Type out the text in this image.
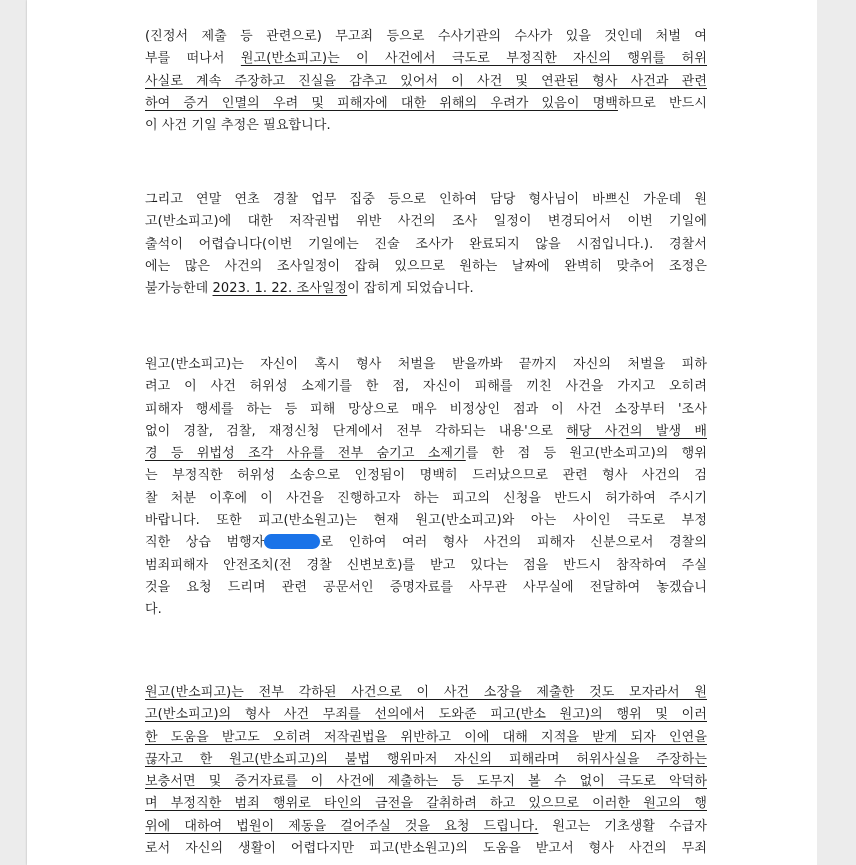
(진정서 제출 등 관련으로) 무고죄 등으로 수사기관의 수사가 있을 것인데 처벌 여
부를 떠나서 원고(반소피고)는 이 사건에서 극도로 부정직한 자신의 행위를 허위
사실로 계속 주장하고 진실을 감추고 있어서 이 사건 및 연관된 형사 사건과 관련
하여 증거 인멸의 우려 및 피해자에 대한 위해의 우려가 있음이 명백하므로 반드시
이 사건 기일 추정은 필요합니다.
그리고 연말 연초 경찰 업무 집중 등으로 인하여 담당 형사님이 바쁘신 가운데 원
고(반소피고)에 대한 저작권법 위반 사건의 조사 일정이 변경되어서 이번 기일에
출석이 어렵습니다(이번 기일에는 진술 조사가 완료되지 않을 시점입니다.). 경찰서
에는 많은 사건의 조사일정이 잡혀 있으므로 원하는 날짜에 완벽히 맞추어 조정은
불가능한데 2023. 1. 22. 조사일정이 잡히게 되었습니다.
원고(반소피고)는 자신이 혹시 형사 처벌을 받을까봐 끝까지 자신의 처벌을 피하
려고 이 사건 허위성 소제기를 한 점, 자신이 피해를 끼친 사건을 가지고 오히려
피해자 행세를 하는 등 피해 망상으로 매우 비정상인 점과 이 사건 소장부터 '조사
없이 경찰, 검찰, 재정신청 단계에서 전부 각하되는 내용'으로 해당 사건의 발생 배
경 등 위법성 조각 사유를 전부 숨기고 소제기를 한 점 등 원고(반소피고)의 행위
는 부정직한 허위성 소송으로 인정됨이 명백히 드러났으므로 관련 형사 사건의 검
찰 처분 이후에 이 사건을 진행하고자 하는 피고의 신청을 반드시 허가하여 주시기
바랍니다. 또한 피고(반소원고)는 현재 원고(반소피고)와 아는 사이인 극도로 부정
직한 상습 범행자	로 인하여 여러 형사 사건의 피해자 신분으로서 경찰의
범죄피해자 안전조치(전 경찰 신변보호)를 받고 있다는 점을 반드시 참작하여 주실
것을 요청 드리며 관련 공문서인 증명자료를 사무관 사무실에 전달하여 놓겠습니
다.
원고(반소피고)는 전부 각하된 사건으로 이 사건 소장을 제출한 것도 모자라서 원
고(반소피고)의 형사 사건 무죄를 선의에서 도와준 피고(반소 원고)의 행위 및 이러
한 도움을 받고도 오히려 저작권법을 위반하고 이에 대해 지적을 받게 되자 인연을
끊자고 한 원고(반소피고)의 불법 행위마저 자신의 피해라며 허위사실을 주장하는
보충서면 및 증거자료를 이 사건에 제출하는 등 도무지 볼 수 없이 극도로 악덕하
며 부정직한 범죄 행위로 타인의 금전을 갈취하려 하고 있으므로 이러한 원고의 행
위에 대하여 법원이 제동을 걸어주실 것을 요청 드립니다. 원고는 기초생활 수급자
로서 자신의 생활이 어렵다지만 피고(반소원고)의 도움을 받고서 형사 사건의 무죄
